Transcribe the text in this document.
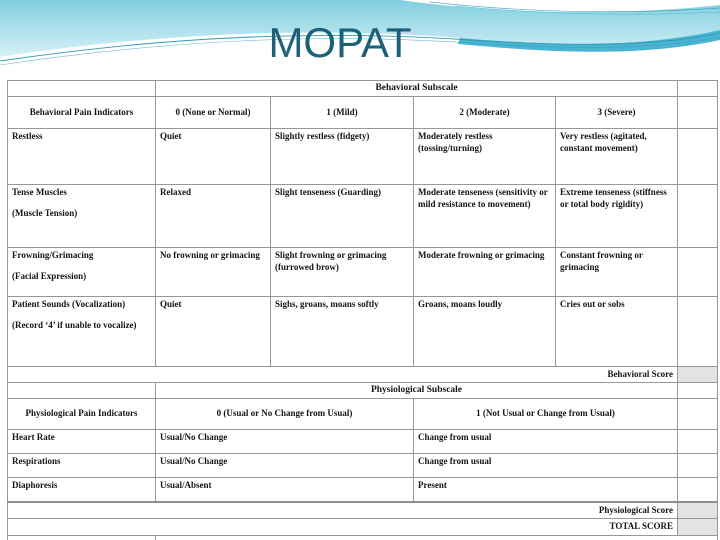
MOPAT
	Behavioral Subscale				
Behavioral Pain Indicators	0 (None or Normal)	1 (Mild)	2 (Moderate)	3 (Severe)	

Restless	Quiet	Slightly restless (fidgety)	Moderately restless (tossing/turning)	Very restless (agitated, constant movement)	

Tense Muscles
(Muscle Tension)	Relaxed	Slight tenseness (Guarding)	Moderate tenseness (sensitivity or mild resistance to movement)	Extreme tenseness (stiffness or total body rigidity)	

Frowning/Grimacing
(Facial Expression)	No frowning or grimacing	Slight frowning or grimacing (furrowed brow)	Moderate frowning or grimacing	Constant frowning or grimacing	

Patient Sounds (Vocalization)
(Record ‘4’ if unable to vocalize)	Quiet	Sighs, groans, moans softly	Groans, moans loudly	Cries out or sobs	
Behavioral Score					
	Physiological Subscale		
Physiological Pain Indicators	0 (Usual or No Change from Usual)	1 (Not Usual or Change from Usual)	
Heart Rate	Usual/No Change	Change from usual	
Respirations	Usual/No Change	Change from usual	
Diaphoresis	Usual/Absent	Present	
Physiological Score			
TOTAL SCORE			
